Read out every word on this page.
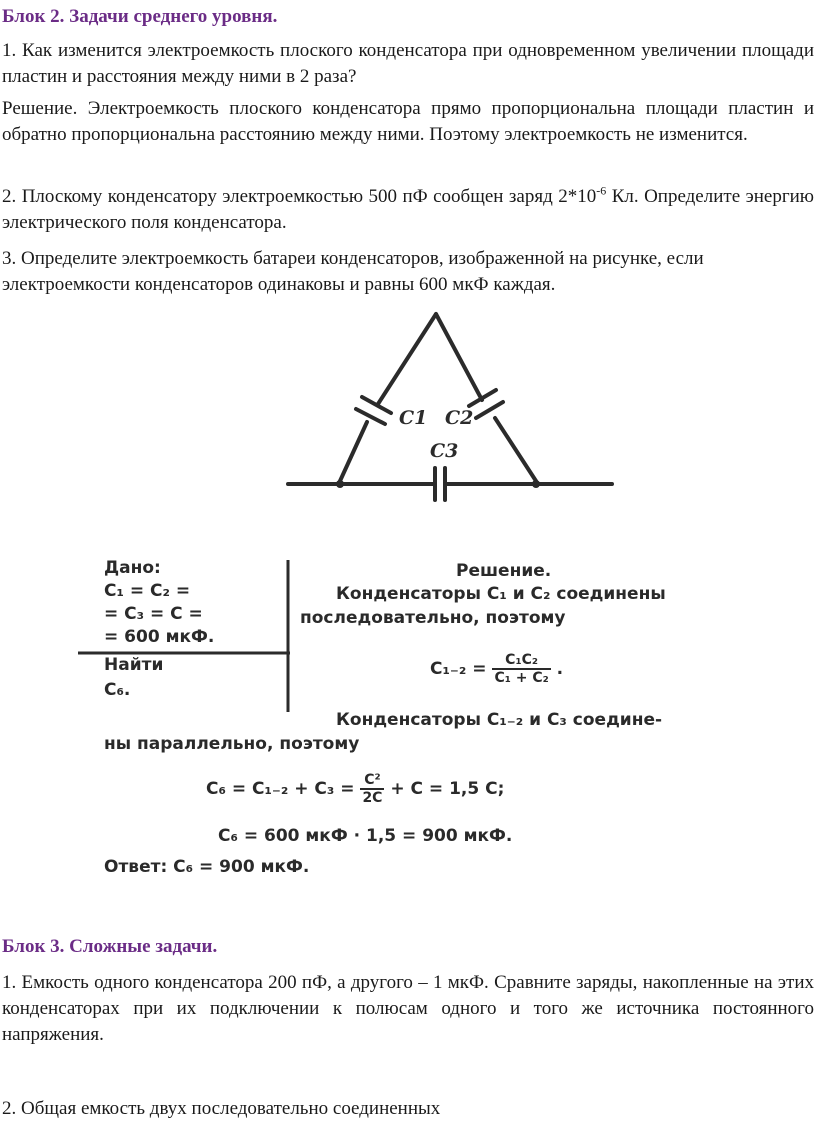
Блок 2. Задачи среднего уровня.

1. Как изменится электроемкость плоского конденсатора при одновременном увеличении площади пластин и расстояния между ними в 2 раза?

Решение. Электроемкость плоского конденсатора прямо пропорциональна площади пластин и обратно пропорциональна расстоянию между ними. Поэтому электроемкость не изменится.

2. Плоскому конденсатору электроемкостью 500 пФ сообщен заряд $2*10^{-6}$ Кл. Определите энергию электрического поля конденсатора.

3. Определите электроемкость батареи конденсаторов, изображенной на рисунке, если электроемкости конденсаторов одинаковы и равны 600 мкФ каждая.

C1 C2
C3
Дано:
C₁ = C₂ =
= C₃ = C =
= 600 мкФ.
Найти
C₆.
Решение.
Конденсаторы C₁ и C₂ соединены
последовательно, поэтому
$C_{1-2} = \frac{\text{C₁C₂}}{\text{C₁ + C₂}}$ .
Конденсаторы C₁₋₂ и C₃ соедине-
ны параллельно, поэтому
$C_6 = C_{1-2} + C_3 = \frac{\text{C²}}{2C} + C = 1,5$ C;
C₆ = 600 мкФ · 1,5 = 900 мкФ.
Ответ: C₆ = 900 мкФ.
Блок 3. Сложные задачи.

1. Емкость одного конденсатора 200 пФ, а другого – 1 мкФ. Сравните заряды, накопленные на этих конденсаторах при их подключении к полюсам одного и того же источника постоянного напряжения.

2. Общая емкость двух последовательно соединенных
